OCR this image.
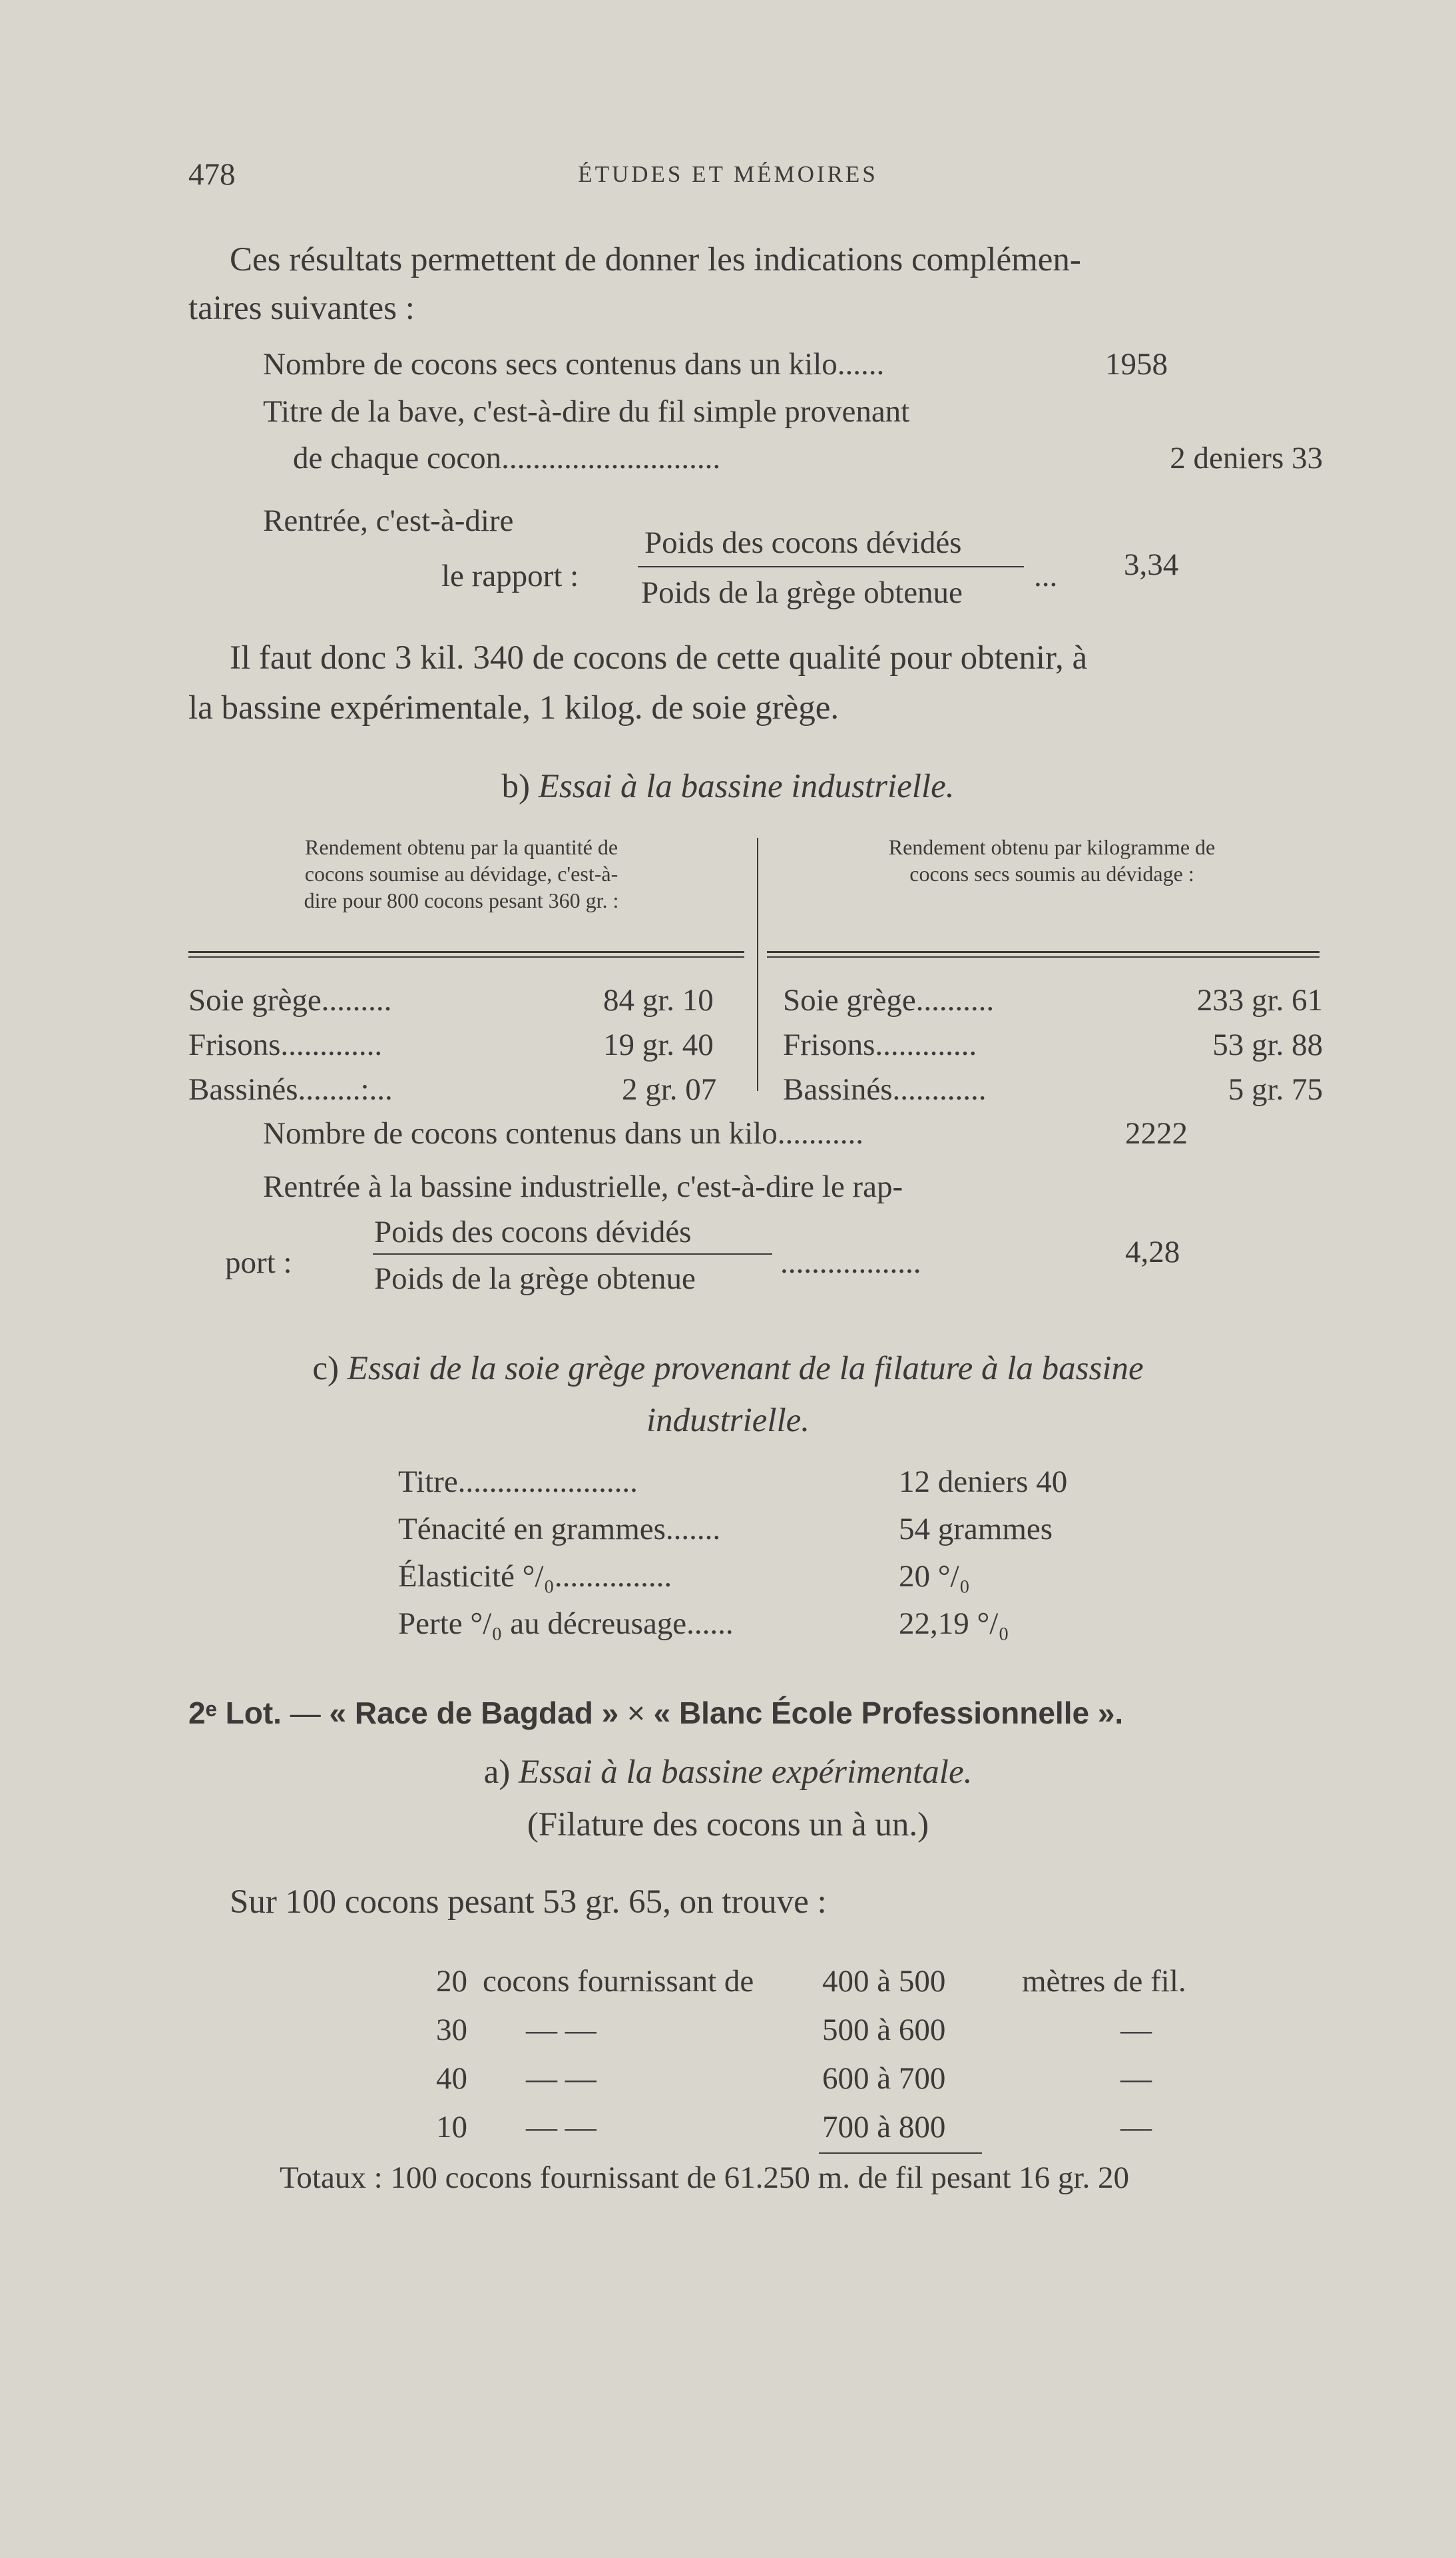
478	ÉTUDES ET MÉMOIRES
Ces résultats permettent de donner les indications complémen-
taires suivantes :
Nombre de cocons secs contenus dans un kilo......	1958
Titre de la bave, c'est-à-dire du fil simple provenant
de chaque cocon............................	2 deniers 33
Rentrée, c'est-à-dire
le rapport :
Poids des cocons dévidés
Poids de la grège obtenue ... 3,34
Il faut donc 3 kil. 340 de cocons de cette qualité pour obtenir, à
la bassine expérimentale, 1 kilog. de soie grège.
b) Essai à la bassine industrielle.
Rendement obtenu par la quantité de
cocons soumise au dévidage, c'est-à-
dire pour 800 cocons pesant 360 gr. :
Rendement obtenu par kilogramme de
cocons secs soumis au dévidage :
Soie grège.........	84 gr. 10
Frisons.............	19 gr. 40
Bassinés........:...	2 gr. 07
Soie grège..........	233 gr. 61
Frisons.............	53 gr. 88
Bassinés............	5 gr. 75
Nombre de cocons contenus dans un kilo...........	2222
Rentrée à la bassine industrielle, c'est-à-dire le rap-
port :
Poids des cocons dévidés
Poids de la grège obtenue	..................	4,28
c) Essai de la soie grège provenant de la filature à la bassine
industrielle.
Titre.......................	12 deniers 40
Ténacité en grammes.......	54 grammes
Élasticité °/₀...............	20 °/₀
Perte °/₀ au décreusage......	22,19 °/₀
2ᵉ Lot. — « Race de Bagdad » × « Blanc École Professionnelle ».
a) Essai à la bassine expérimentale.
(Filature des cocons un à un.)
Sur 100 cocons pesant 53 gr. 65, on trouve :
20 cocons fournissant de 400 à 500 mètres de fil.
30 — —	500 à 600	—
40 — —	600 à 700	—
10 — —	700 à 800	—
Totaux : 100 cocons fournissant de 61.250 m. de fil pesant 16 gr. 20
